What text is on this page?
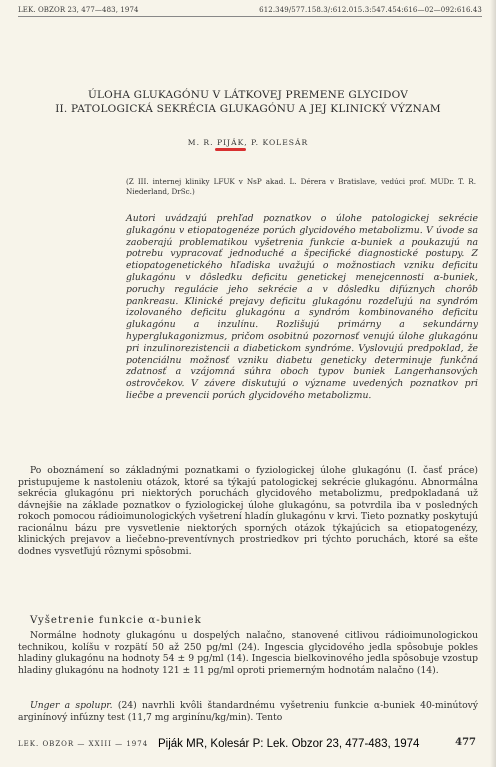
LEK. OBZOR 23, 477—483, 1974	612.349/577.158.3/:612.015.3:547.454:616—02—092:616.43
ÚLOHA GLUKAGÓNU V LÁTKOVEJ PREMENE GLYCIDOV
II. PATOLOGICKÁ SEKRÉCIA GLUKAGÓNU A JEJ KLINICKÝ VÝZNAM
M. R. PIJÁK, P. KOLESÁR
(Z III. internej kliniky LFUK v NsP akad. L. Dérera v Bratislave, vedúci prof. MUDr. T. R. Niederland, DrSc.)
Autori uvádzajú prehľad poznatkov o úlohe patologickej sekrécie glukagónu v etiopatogenéze porúch glycidového metabolizmu. V úvode sa zaoberajú problematikou vyšetrenia funkcie α-buniek a poukazujú na potrebu vypracovať jednoduché a špecifické diagnostické postupy. Z etiopatogenetického hľadiska uvažujú o možnostiach vzniku deficitu glukagónu v dôsledku deficitu genetickej menejcennosti α-buniek, poruchy regulácie jeho sekrécie a v dôsledku difúznych chorôb pankreasu. Klinické prejavy deficitu glukagónu rozdeľujú na syndróm izolovaného deficitu glukagónu a syndróm kombinovaného deficitu glukagónu a inzulínu. Rozlišujú primárny a sekundárny hyperglukagonizmus, pričom osobitnú pozornosť venujú úlohe glukagónu pri inzulinorezistencii a diabetickom syndróme. Vyslovujú predpoklad, že potenciálnu možnosť vzniku diabetu geneticky determinuje funkčná zdatnosť a vzájomná súhra oboch typov buniek Langerhansových ostrovčekov. V závere diskutujú o význame uvedených poznatkov pri liečbe a prevencii porúch glycidového metabolizmu.
Po oboznámení so základnými poznatkami o fyziologickej úlohe glukagónu (I. časť práce) pristupujeme k nastoleniu otázok, ktoré sa týkajú patologickej sekrécie glukagónu. Abnormálna sekrécia glukagónu pri niektorých poruchách glycidového metabolizmu, predpokladaná už dávnejšie na základe poznatkov o fyziologickej úlohe glukagónu, sa potvrdila iba v posledných rokoch pomocou rádioimunologických vyšetrení hladín glukagónu v krvi. Tieto poznatky poskytujú racionálnu bázu pre vysvetlenie niektorých sporných otázok týkajúcich sa etiopatogenézy, klinických prejavov a liečebno-preventívnych prostriedkov pri týchto poruchách, ktoré sa ešte dodnes vysvetľujú rôznymi spôsobmi.
Vyšetrenie funkcie α-buniek
Normálne hodnoty glukagónu u dospelých nalačno, stanovené citlivou rádioimunologickou technikou, kolíšu v rozpätí 50 až 250 pg/ml (24). Ingescia glycidového jedla spôsobuje pokles hladiny glukagónu na hodnoty 54 ± 9 pg/ml (14). Ingescia bielkovinového jedla spôsobuje vzostup hladiny glukagónu na hodnoty 121 ± 11 pg/ml oproti priemerným hodnotám nalačno (14).
Unger a spolupr. (24) navrhli kvôli štandardnému vyšetreniu funkcie α-buniek 40-minútový arginínový infúzny test (11,7 mg arginínu/kg/min). Tento
LEK. OBZOR — XXIII — 1974 Piják MR, Kolesár P: Lek. Obzor 23, 477-483, 1974	477
